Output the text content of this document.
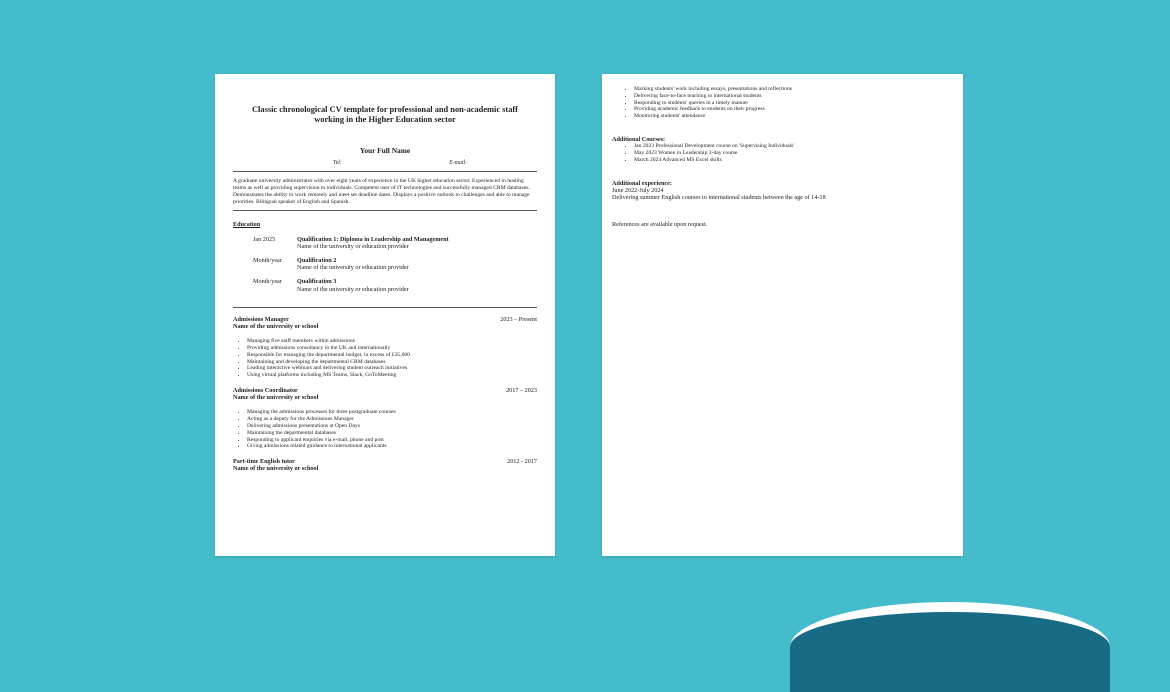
Classic chronological CV template for professional and non-academic staff working in the Higher Education sector
Your Full Name
Tel:	E-mail:
A graduate university administrator with over eight years of experience in the UK higher education sector. Experienced in leading teams as well as providing supervision to individuals. Competent user of IT technologies and successfully managed CRM databases. Demonstrates the ability to work remotely and meet set deadline dates. Displays a positive outlook to challenges and able to manage priorities. Bilingual speaker of English and Spanish.
Education
Jan 2025	Qualification 1: Diploma in Leadership and Management
Name of the university or education provider
Month/year	Qualification 2
Name of the university or education provider
Month/year	Qualification 3
Name of the university or education provider
Admissions Manager	2023 – Present
Name of the university or school
• Managing five staff members within admissions
• Providing admissions consultancy in the UK and internationally
• Responsible for managing the departmental budget, in excess of £35,000
• Maintaining and developing the departmental CRM databases
• Leading interactive webinars and delivering student outreach initiatives
• Using virtual platforms including MS Teams, Slack, GoToMeeting
Admissions Coordinator	2017 – 2023
Name of the university or school
• Managing the admissions processes for three postgraduate courses
• Acting as a deputy for the Admissions Manager
• Delivering admissions presentations at Open Days
• Maintaining the departmental databases
• Responding to applicant enquiries via e-mail, phone and post
• Giving admissions related guidance to international applicants
Part-time English tutor	2012 - 2017
Name of the university or school
• Marking students' work including essays, presentations and reflections
• Delivering face-to-face teaching to international students
• Responding to students' queries in a timely manner
• Providing academic feedback to students on their progress
• Monitoring students' attendance
Additional Courses:
• Jan 2023 Professional Development course on 'Supervising Individuals'
• May 2023 Women in Leadership 3-day course
• March 2024 Advanced MS Excel skills
Additional experience:
June 2022-July 2024
Delivering summer English courses to international students between the age of 14-18
References are available upon request.
